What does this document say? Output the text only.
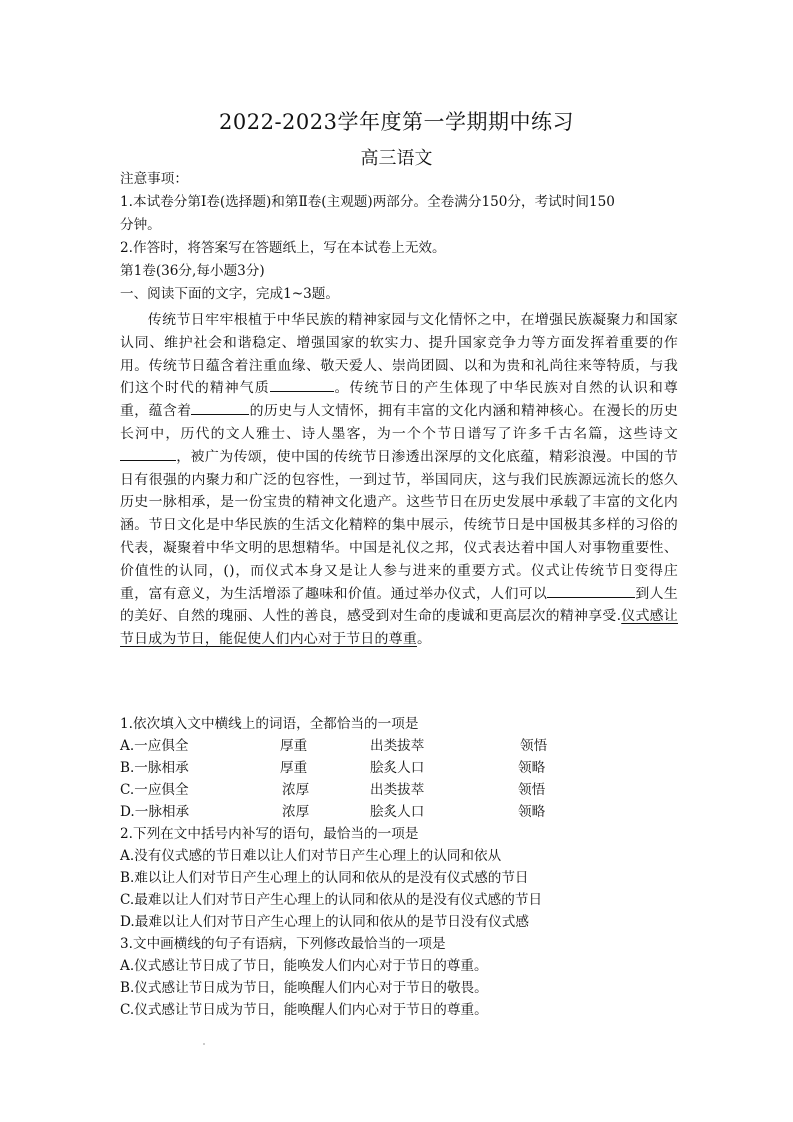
2022-2023学年度第一学期期中练习
高三语文
注意事项：
1.本试卷分第Ⅰ卷(选择题)和第Ⅱ卷(主观题)两部分。全卷满分150分，考试时间150
分钟。
2.作答时，将答案写在答题纸上，写在本试卷上无效。
第1卷(36分,每小题3分)
一、阅读下面的文字，完成1~3题。

传统节日牢牢根植于中华民族的精神家园与文化情怀之中，在增强民族凝聚力和国家认同、维护社会和谐稳定、增强国家的软实力、提升国家竞争力等方面发挥着重要的作用。传统节日蕴含着注重血缘、敬天爱人、崇尚团圆、以和为贵和礼尚往来等特质，与我们这个时代的精神气质	。传统节日的产生体现了中华民族对自然的认识和尊重，蕴含着	的历史与人文情怀，拥有丰富的文化内涵和精神核心。在漫长的历史长河中，历代的文人雅士、诗人墨客，为一个个节日谱写了许多千古名篇，这些诗文，被广为传颂，使中国的传统节日渗透出深厚的文化底蕴，精彩浪漫。中国的节日有很强的内聚力和广泛的包容性，一到过节，举国同庆，这与我们民族源远流长的悠久历史一脉相承，是一份宝贵的精神文化遗产。这些节日在历史发展中承载了丰富的文化内涵。节日文化是中华民族的生活文化精粹的集中展示，传统节日是中国极其多样的习俗的代表，凝聚着中华文明的思想精华。中国是礼仪之邦，仪式表达着中国人对事物重要性、价值性的认同，()，而仪式本身又是让人参与进来的重要方式。仪式让传统节日变得庄重，富有意义，为生活增添了趣味和价值。通过举办仪式，人们可以	到人生的美好、自然的瑰丽、人性的善良，感受到对生命的虔诚和更高层次的精神享受.仪式感让节日成为节日，能促使人们内心对于节日的尊重。

1.依次填入文中横线上的词语，全都恰当的一项是
A.一应俱全	厚重	出类拔萃	领悟
B.一脉相承	厚重	脍炙人口	领略
C.一应俱全	浓厚	出类拔萃	领悟
D.一脉相承	浓厚	脍炙人口	领略
2.下列在文中括号内补写的语句，最恰当的一项是
A.没有仪式感的节日难以让人们对节日产生心理上的认同和依从
B.难以让人们对节日产生心理上的认同和依从的是没有仪式感的节日
C.最难以让人们对节日产生心理上的认同和依从的是没有仪式感的节日
D.最难以让人们对节日产生心理上的认同和依从的是节日没有仪式感
3.文中画横线的句子有语病，下列修改最恰当的一项是
A.仪式感让节日成了节日，能唤发人们内心对于节日的尊重。
B.仪式感让节日成为节日，能唤醒人们内心对于节日的敬畏。
C.仪式感让节日成为节日，能唤醒人们内心对于节日的尊重。
